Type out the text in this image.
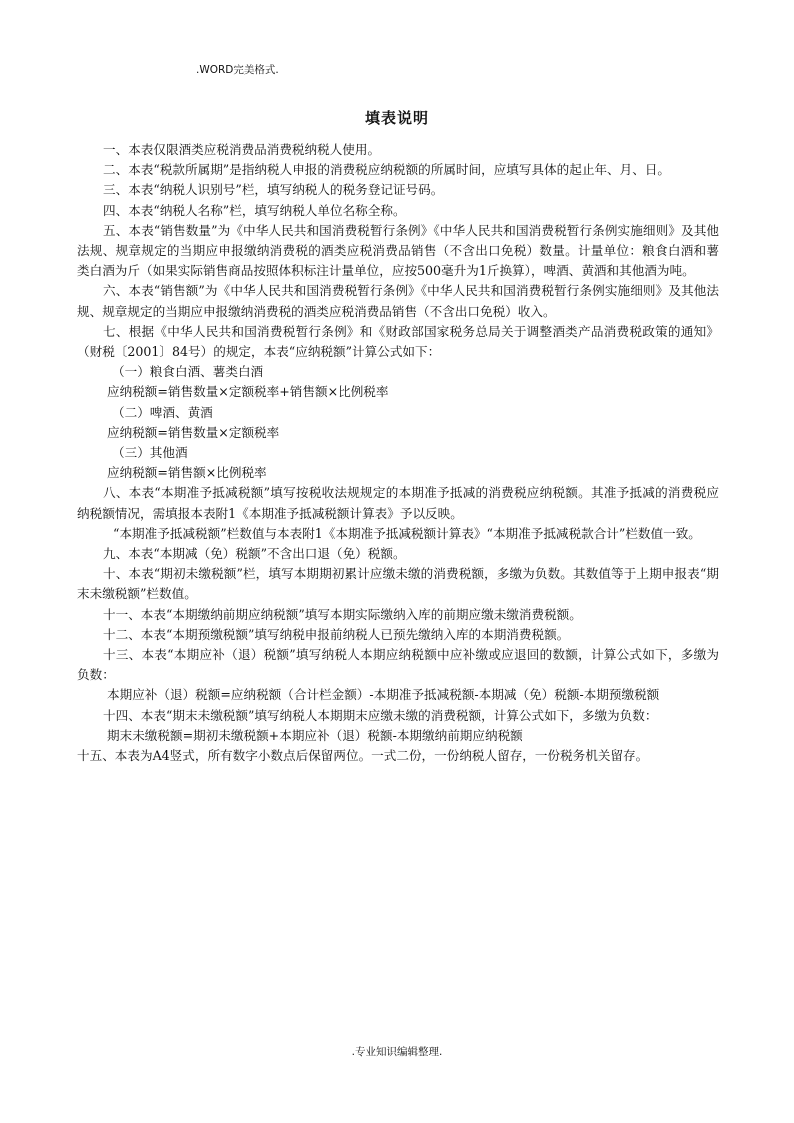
.WORD完美格式.
填表说明

一、本表仅限酒类应税消费品消费税纳税人使用。

二、本表“税款所属期”是指纳税人申报的消费税应纳税额的所属时间，应填写具体的起止年、月、日。

三、本表“纳税人识别号”栏，填写纳税人的税务登记证号码。

四、本表“纳税人名称”栏，填写纳税人单位名称全称。

五、本表“销售数量”为《中华人民共和国消费税暂行条例》《中华人民共和国消费税暂行条例实施细则》及其他法规、规章规定的当期应申报缴纳消费税的酒类应税消费品销售（不含出口免税）数量。计量单位：粮食白酒和薯类白酒为斤（如果实际销售商品按照体积标注计量单位，应按500毫升为1斤换算），啤酒、黄酒和其他酒为吨。

六、本表“销售额”为《中华人民共和国消费税暂行条例》《中华人民共和国消费税暂行条例实施细则》及其他法规、规章规定的当期应申报缴纳消费税的酒类应税消费品销售（不含出口免税）收入。

七、根据《中华人民共和国消费税暂行条例》和《财政部国家税务总局关于调整酒类产品消费税政策的通知》（财税〔2001〕84号）的规定，本表“应纳税额”计算公式如下：

（一）粮食白酒、薯类白酒

应纳税额=销售数量×定额税率+销售额×比例税率

（二）啤酒、黄酒

应纳税额=销售数量×定额税率

（三）其他酒

应纳税额=销售额×比例税率

八、本表“本期准予抵减税额”填写按税收法规规定的本期准予抵减的消费税应纳税额。其准予抵减的消费税应纳税额情况，需填报本表附1《本期准予抵减税额计算表》予以反映。

“本期准予抵减税额”栏数值与本表附1《本期准予抵减税额计算表》“本期准予抵减税款合计”栏数值一致。

九、本表“本期减（免）税额”不含出口退（免）税额。

十、本表“期初未缴税额”栏，填写本期期初累计应缴未缴的消费税额，多缴为负数。其数值等于上期申报表“期末未缴税额”栏数值。

十一、本表“本期缴纳前期应纳税额”填写本期实际缴纳入库的前期应缴未缴消费税额。

十二、本表“本期预缴税额”填写纳税申报前纳税人已预先缴纳入库的本期消费税额。

十三、本表“本期应补（退）税额”填写纳税人本期应纳税额中应补缴或应退回的数额，计算公式如下，多缴为负数：

本期应补（退）税额=应纳税额（合计栏金额）-本期准予抵减税额-本期减（免）税额-本期预缴税额

十四、本表“期末未缴税额”填写纳税人本期期末应缴未缴的消费税额，计算公式如下，多缴为负数：

期末未缴税额=期初未缴税额+本期应补（退）税额-本期缴纳前期应纳税额

十五、本表为A4竖式，所有数字小数点后保留两位。一式二份，一份纳税人留存，一份税务机关留存。

.专业知识编辑整理.
